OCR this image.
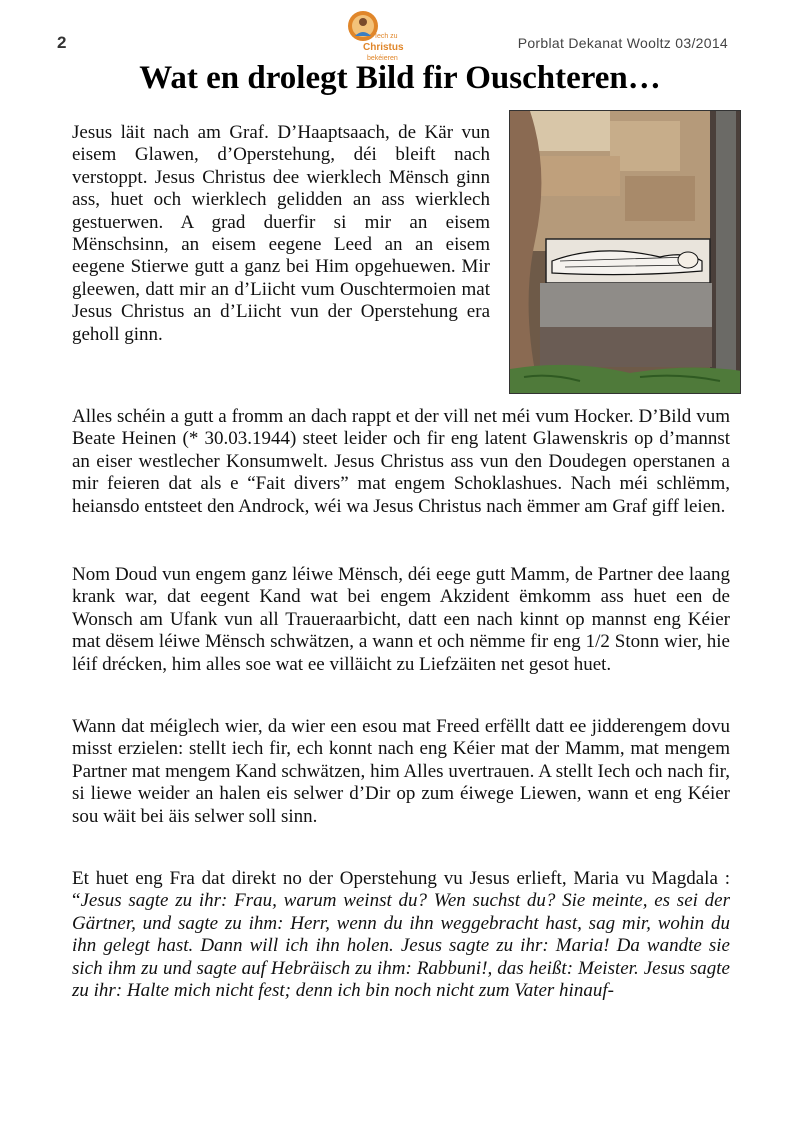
2	Iech zu
Christus
bekéieren
Porblat Dekanat Wooltz 03/2014
Wat en drolegt Bild fir Ouschteren…

Jesus läit nach am Graf. D’Haaptsaach, de Kär vun eisem Glawen, d’Operstehung, déi bleift nach verstoppt. Jesus Christus dee wierklech Mënsch ginn ass, huet och wierklech gelidden an ass wierklech gestuerwen. A grad duerfir si mir an eisem Mënschsinn, an eisem eegene Leed an an eisem eegene Stierwe gutt a ganz bei Him opgehuewen. Mir gleewen, datt mir an d’Liicht vum Ouschtermoien mat Jesus Christus an d’Liicht vun der Operstehung era geholl ginn.

Alles schéin a gutt a fromm an dach rappt et der vill net méi vum Hocker. D’Bild vum Beate Heinen (* 30.03.1944) steet leider och fir eng latent Glawenskris op d’mannst an eiser westlecher Konsumwelt. Jesus Christus ass vun den Doudegen operstanen a mir feieren dat als e “Fait divers” mat engem Schoklashues. Nach méi schlëmm, heiansdo entsteet den Androck, wéi wa Jesus Christus nach ëmmer am Graf giff leien.

Nom Doud vun engem ganz léiwe Mënsch, déi eege gutt Mamm, de Partner dee laang krank war, dat eegent Kand wat bei engem Akzident ëmkomm ass huet een de Wonsch am Ufank vun all Traueraarbicht, datt een nach kinnt op mannst eng Kéier mat dësem léiwe Mënsch schwätzen, a wann et och nëmme fir eng 1/2 Stonn wier, hie léif drécken, him alles soe wat ee villäicht zu Liefzäiten net gesot huet.

Wann dat méiglech wier, da wier een esou mat Freed erfëllt datt ee jidderengem dovu misst erzielen: stellt iech fir, ech konnt nach eng Kéier mat der Mamm, mat mengem Partner mat mengem Kand schwätzen, him Alles uvertrauen. A stellt Iech och nach fir, si liewe weider an halen eis selwer d’Dir op zum éiwege Liewen, wann et eng Kéier sou wäit bei äis selwer soll sinn.

Et huet eng Fra dat direkt no der Operstehung vu Jesus erlieft, Maria vu Magdala : “Jesus sagte zu ihr: Frau, warum weinst du? Wen suchst du? Sie meinte, es sei der Gärtner, und sagte zu ihm: Herr, wenn du ihn weggebracht hast, sag mir, wohin du ihn gelegt hast. Dann will ich ihn holen. Jesus sagte zu ihr: Maria! Da wandte sie sich ihm zu und sagte auf Hebräisch zu ihm: Rabbuni!, das heißt: Meister. Jesus sagte zu ihr: Halte mich nicht fest; denn ich bin noch nicht zum Vater hinauf-
